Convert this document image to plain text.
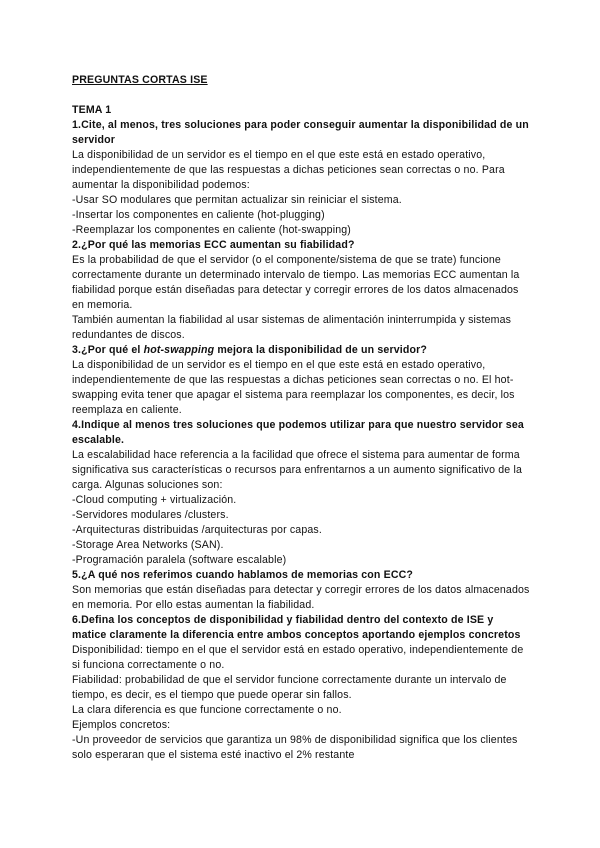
PREGUNTAS CORTAS ISE

TEMA 1

1.Cite, al menos, tres soluciones para poder conseguir aumentar la disponibilidad de un servidor

La disponibilidad de un servidor es el tiempo en el que este está en estado operativo, independientemente de que las respuestas a dichas peticiones sean correctas o no. Para aumentar la disponibilidad podemos:

-Usar SO modulares que permitan actualizar sin reiniciar el sistema.

-Insertar los componentes en caliente (hot-plugging)

-Reemplazar los componentes en caliente (hot-swapping)

2.¿Por qué las memorias ECC aumentan su fiabilidad?

Es la probabilidad de que el servidor (o el componente/sistema de que se trate) funcione correctamente durante un determinado intervalo de tiempo. Las memorias ECC aumentan la fiabilidad porque están diseñadas para detectar y corregir errores de los datos almacenados en memoria.

También aumentan la fiabilidad al usar sistemas de alimentación ininterrumpida y sistemas redundantes de discos.

3.¿Por qué el hot-swapping mejora la disponibilidad de un servidor?

La disponibilidad de un servidor es el tiempo en el que este está en estado operativo, independientemente de que las respuestas a dichas peticiones sean correctas o no. El hot-swapping evita tener que apagar el sistema para reemplazar los componentes, es decir, los reemplaza en caliente.

4.Indique al menos tres soluciones que podemos utilizar para que nuestro servidor sea escalable.

La escalabilidad hace referencia a la facilidad que ofrece el sistema para aumentar de forma significativa sus características o recursos para enfrentarnos a un aumento significativo de la carga. Algunas soluciones son:

-Cloud computing + virtualización.

-Servidores modulares /clusters.

-Arquitecturas distribuidas /arquitecturas por capas.

-Storage Area Networks (SAN).

-Programación paralela (software escalable)

5.¿A qué nos referimos cuando hablamos de memorias con ECC?

Son memorias que están diseñadas para detectar y corregir errores de los datos almacenados en memoria. Por ello estas aumentan la fiabilidad.

6.Defina los conceptos de disponibilidad y fiabilidad dentro del contexto de ISE y matice claramente la diferencia entre ambos conceptos aportando ejemplos concretos

Disponibilidad: tiempo en el que el servidor está en estado operativo, independientemente de si funciona correctamente o no.

Fiabilidad: probabilidad de que el servidor funcione correctamente durante un intervalo de tiempo, es decir, es el tiempo que puede operar sin fallos.

La clara diferencia es que funcione correctamente o no.

Ejemplos concretos:

-Un proveedor de servicios que garantiza un 98% de disponibilidad significa que los clientes solo esperaran que el sistema esté inactivo el 2% restante
